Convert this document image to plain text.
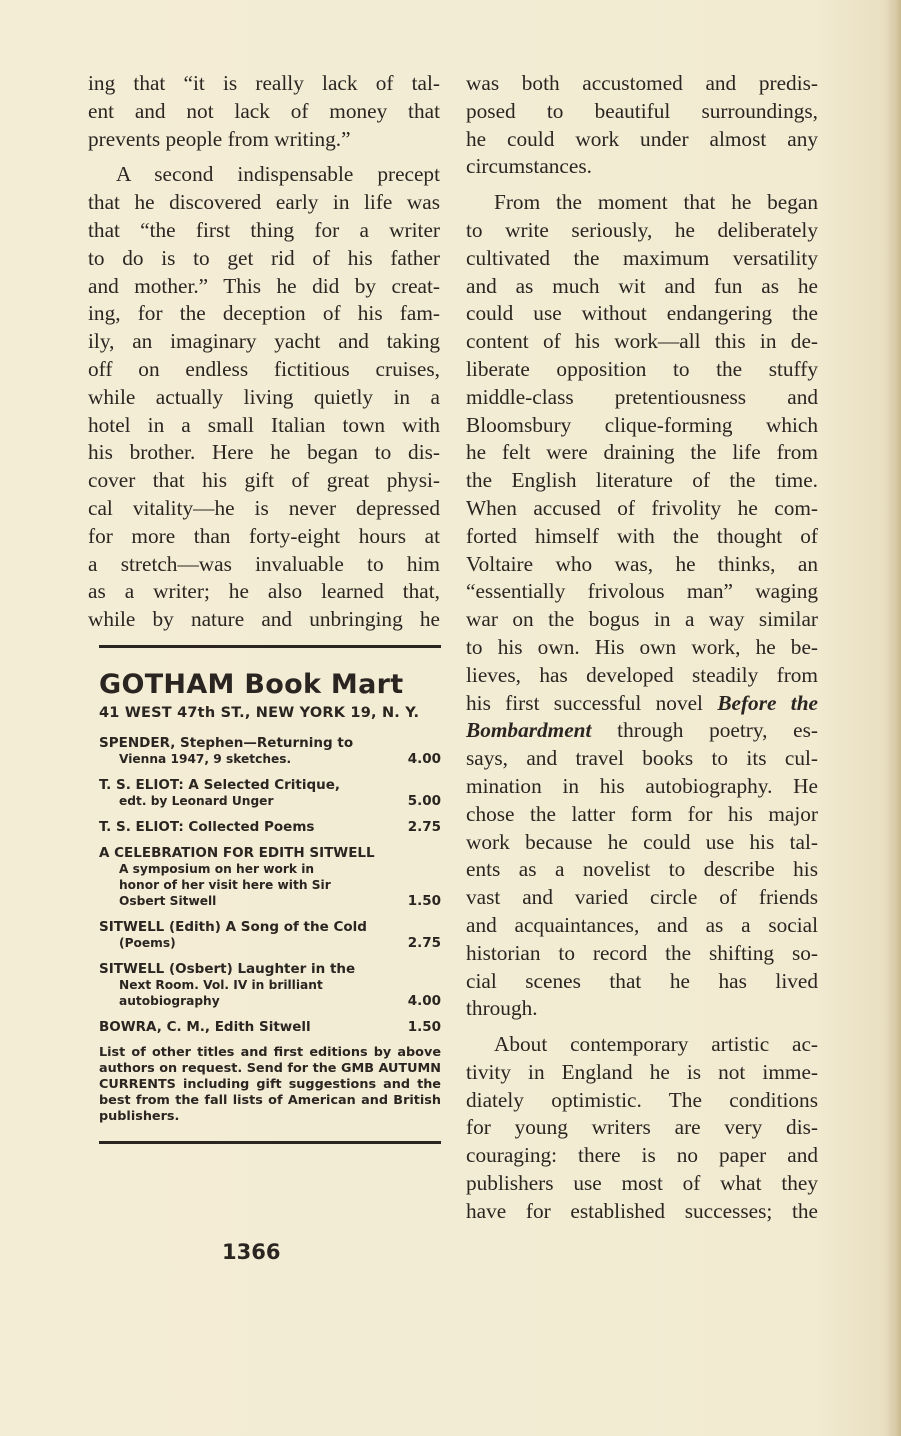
ing that “it is really lack of tal-
ent and not lack of money that
prevents people from writing.”
A second indispensable precept
that he discovered early in life was
that “the first thing for a writer
to do is to get rid of his father
and mother.” This he did by creat-
ing, for the deception of his fam-
ily, an imaginary yacht and taking
off on endless fictitious cruises,
while actually living quietly in a
hotel in a small Italian town with
his brother. Here he began to dis-
cover that his gift of great physi-
cal vitality—he is never depressed
for more than forty-eight hours at
a stretch—was invaluable to him
as a writer; he also learned that,
while by nature and unbringing he
was both accustomed and predis-
posed to beautiful surroundings,
he could work under almost any
circumstances.
From the moment that he began
to write seriously, he deliberately
cultivated the maximum versatility
and as much wit and fun as he
could use without endangering the
content of his work—all this in de-
liberate opposition to the stuffy
middle-class pretentiousness and
Bloomsbury clique-forming which
he felt were draining the life from
the English literature of the time.
When accused of frivolity he com-
forted himself with the thought of
Voltaire who was, he thinks, an
“essentially frivolous man” waging
war on the bogus in a way similar
to his own. His own work, he be-
lieves, has developed steadily from
his first successful novel Before the
Bombardment through poetry, es-
says, and travel books to its cul-
mination in his autobiography. He
chose the latter form for his major
work because he could use his tal-
ents as a novelist to describe his
vast and varied circle of friends
and acquaintances, and as a social
historian to record the shifting so-
cial scenes that he has lived
through.
About contemporary artistic ac-
tivity in England he is not imme-
diately optimistic. The conditions
for young writers are very dis-
couraging: there is no paper and
publishers use most of what they
have for established successes; the
GOTHAM Book Mart
41 WEST 47th ST., NEW YORK 19, N. Y.
SPENDER, Stephen—Returning to
Vienna 1947, 9 sketches.	4.00
T. S. ELIOT: A Selected Critique,
edt. by Leonard Unger	5.00
T. S. ELIOT: Collected Poems	2.75
A CELEBRATION FOR EDITH SITWELL
A symposium on her work in honor of her visit here with Sir Osbert Sitwell	1.50
SITWELL (Edith) A Song of the Cold
(Poems)	2.75
SITWELL (Osbert) Laughter in the
Next Room. Vol. IV in brilliant autobiography	4.00
BOWRA, C. M., Edith Sitwell	1.50
List of other titles and first editions by above authors on request. Send for the GMB AUTUMN CURRENTS including gift suggestions and the best from the fall lists of American and British publishers.
1366
